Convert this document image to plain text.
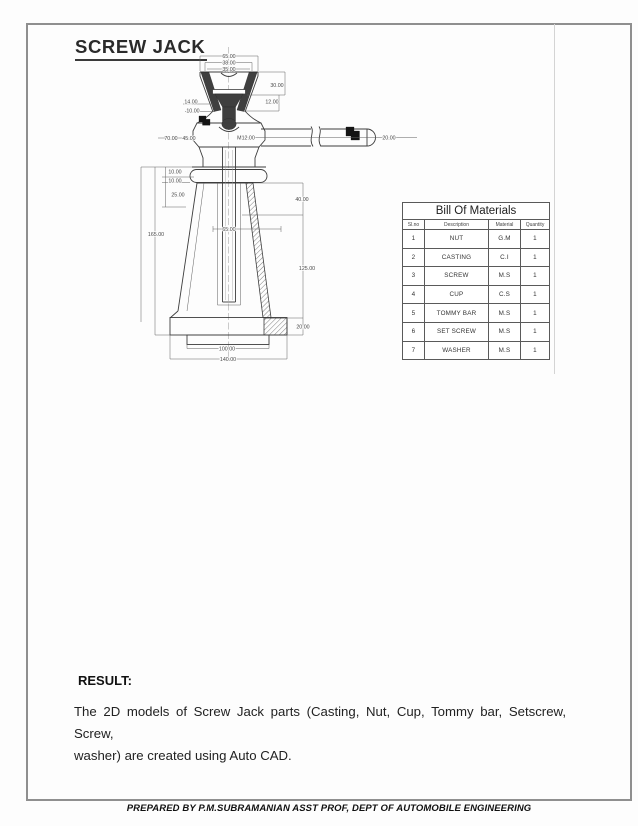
SCREW JACK	65.00
38.00
35.00
30.00
12.00
14.00
10.00
70.00 45.00	M12.00	20.00
10.00
10.00
25.00
40.00
165.00
65.00
125.00
20.00
100.00
140.00
Bill Of Materials			
Sl.no	Description	Material	Quantity
1	NUT	G.M	1
2	CASTING	C.I	1
3	SCREW	M.S	1
4	CUP	C.S	1
5	TOMMY BAR	M.S	1
6	SET SCREW	M.S	1
7	WASHER	M.S	1
RESULT:
The 2D models of Screw Jack parts (Casting, Nut, Cup, Tommy bar, Setscrew, Screw,
washer) are created using Auto CAD.
PREPARED BY P.M.SUBRAMANIAN ASST PROF, DEPT OF AUTOMOBILE ENGINEERING
